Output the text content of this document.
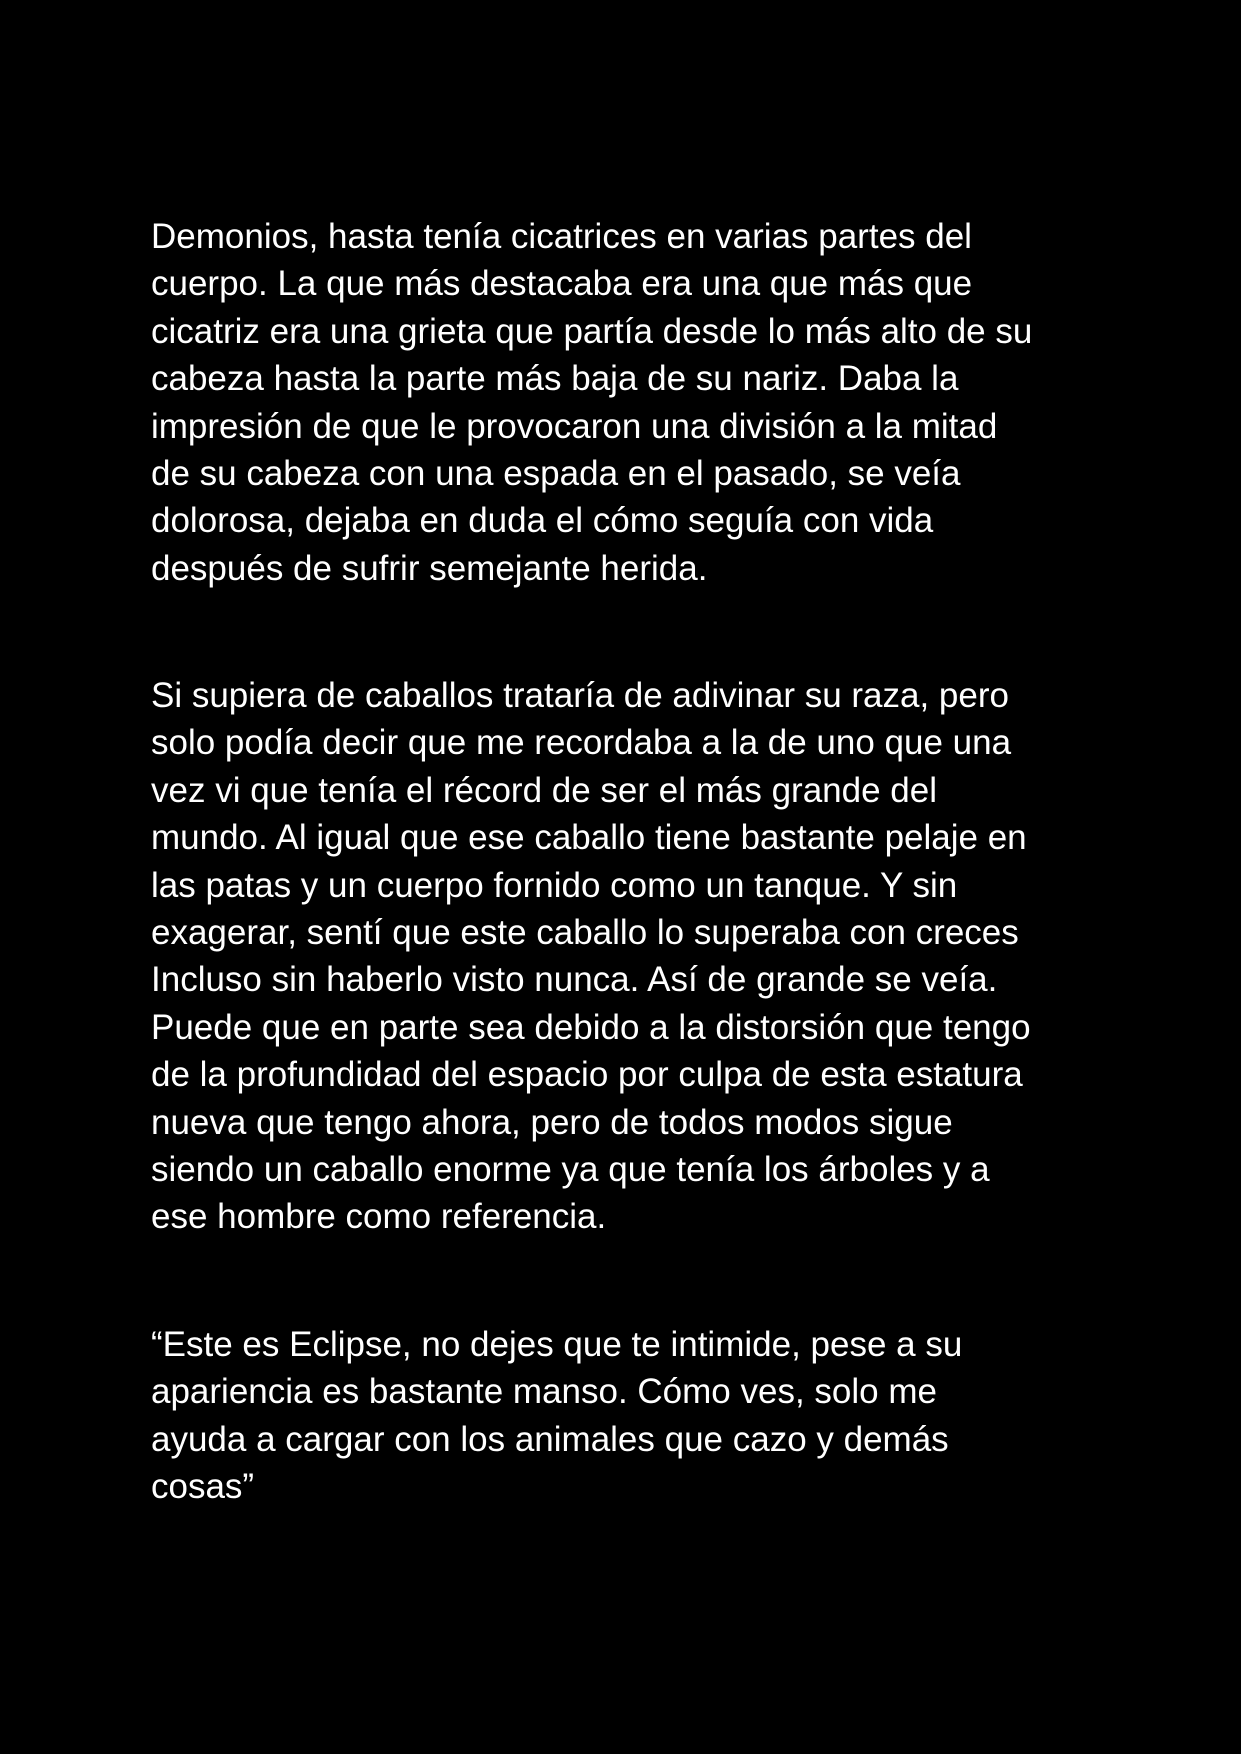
Demonios, hasta tenía cicatrices en varias partes del
cuerpo. La que más destacaba era una que más que
cicatriz era una grieta que partía desde lo más alto de su
cabeza hasta la parte más baja de su nariz. Daba la
impresión de que le provocaron una división a la mitad
de su cabeza con una espada en el pasado, se veía
dolorosa, dejaba en duda el cómo seguía con vida
después de sufrir semejante herida.
Si supiera de caballos trataría de adivinar su raza, pero
solo podía decir que me recordaba a la de uno que una
vez vi que tenía el récord de ser el más grande del
mundo. Al igual que ese caballo tiene bastante pelaje en
las patas y un cuerpo fornido como un tanque. Y sin
exagerar, sentí que este caballo lo superaba con creces
Incluso sin haberlo visto nunca. Así de grande se veía.
Puede que en parte sea debido a la distorsión que tengo
de la profundidad del espacio por culpa de esta estatura
nueva que tengo ahora, pero de todos modos sigue
siendo un caballo enorme ya que tenía los árboles y a
ese hombre como referencia.
“Este es Eclipse, no dejes que te intimide, pese a su
apariencia es bastante manso. Cómo ves, solo me
ayuda a cargar con los animales que cazo y demás
cosas”
